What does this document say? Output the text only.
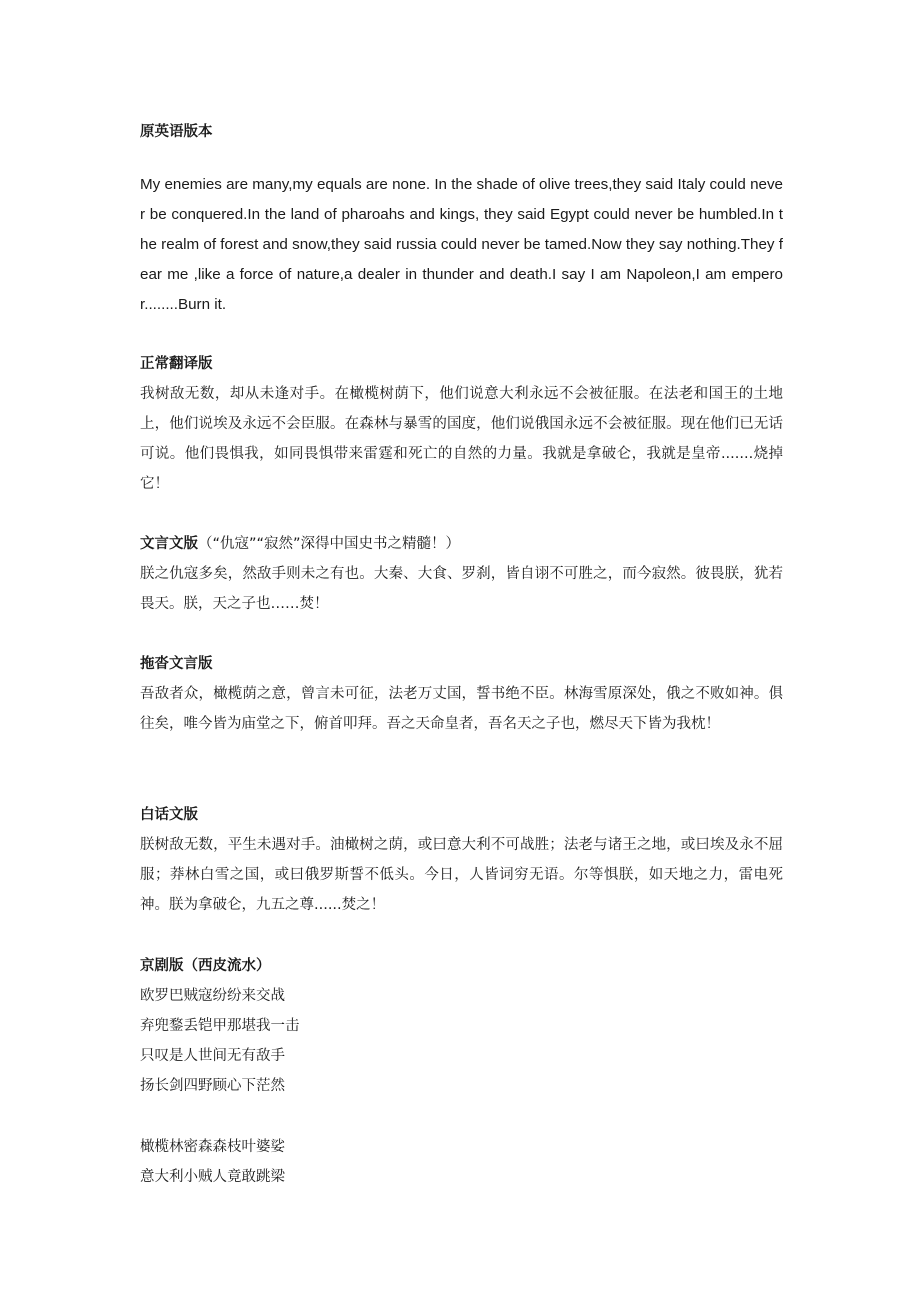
原英语版本

My enemies are many,my equals are none. In the shade of olive trees,they said Italy could never be conquered.In the land of pharoahs and kings, they said Egypt could never be humbled.In the realm of forest and snow,they said russia could never be tamed.Now they say nothing.They fear me ,like a force of nature,a dealer in thunder and death.I say I am Napoleon,I am emperor........Burn it.

正常翻译版

我树敌无数，却从未逢对手。在橄榄树荫下，他们说意大利永远不会被征服。在法老和国王的土地上，他们说埃及永远不会臣服。在森林与暴雪的国度，他们说俄国永远不会被征服。现在他们已无话可说。他们畏惧我，如同畏惧带来雷霆和死亡的自然的力量。我就是拿破仑，我就是皇帝.......烧掉它！

文言文版（“仇寇”“寂然”深得中国史书之精髓！）

朕之仇寇多矣，然敌手则未之有也。大秦、大食、罗刹，皆自诩不可胜之，而今寂然。彼畏朕，犹若畏天。朕，天之子也……焚！

拖沓文言版

吾敌者众，橄榄荫之意，曾言未可征，法老万丈国，誓书绝不臣。林海雪原深处，俄之不败如神。俱往矣，唯今皆为庙堂之下，俯首叩拜。吾之天命皇者，吾名天之子也，燃尽天下皆为我枕！

白话文版

朕树敌无数，平生未遇对手。油橄树之荫，或曰意大利不可战胜；法老与诸王之地，或曰埃及永不屈服；莽林白雪之国，或曰俄罗斯誓不低头。今日，人皆词穷无语。尔等惧朕，如天地之力，雷电死神。朕为拿破仑，九五之尊......焚之！

京剧版（西皮流水）

欧罗巴贼寇纷纷来交战

弃兜鍪丢铠甲那堪我一击

只叹是人世间无有敌手

扬长剑四野顾心下茫然

橄榄林密森森枝叶婆娑

意大利小贼人竟敢跳梁
